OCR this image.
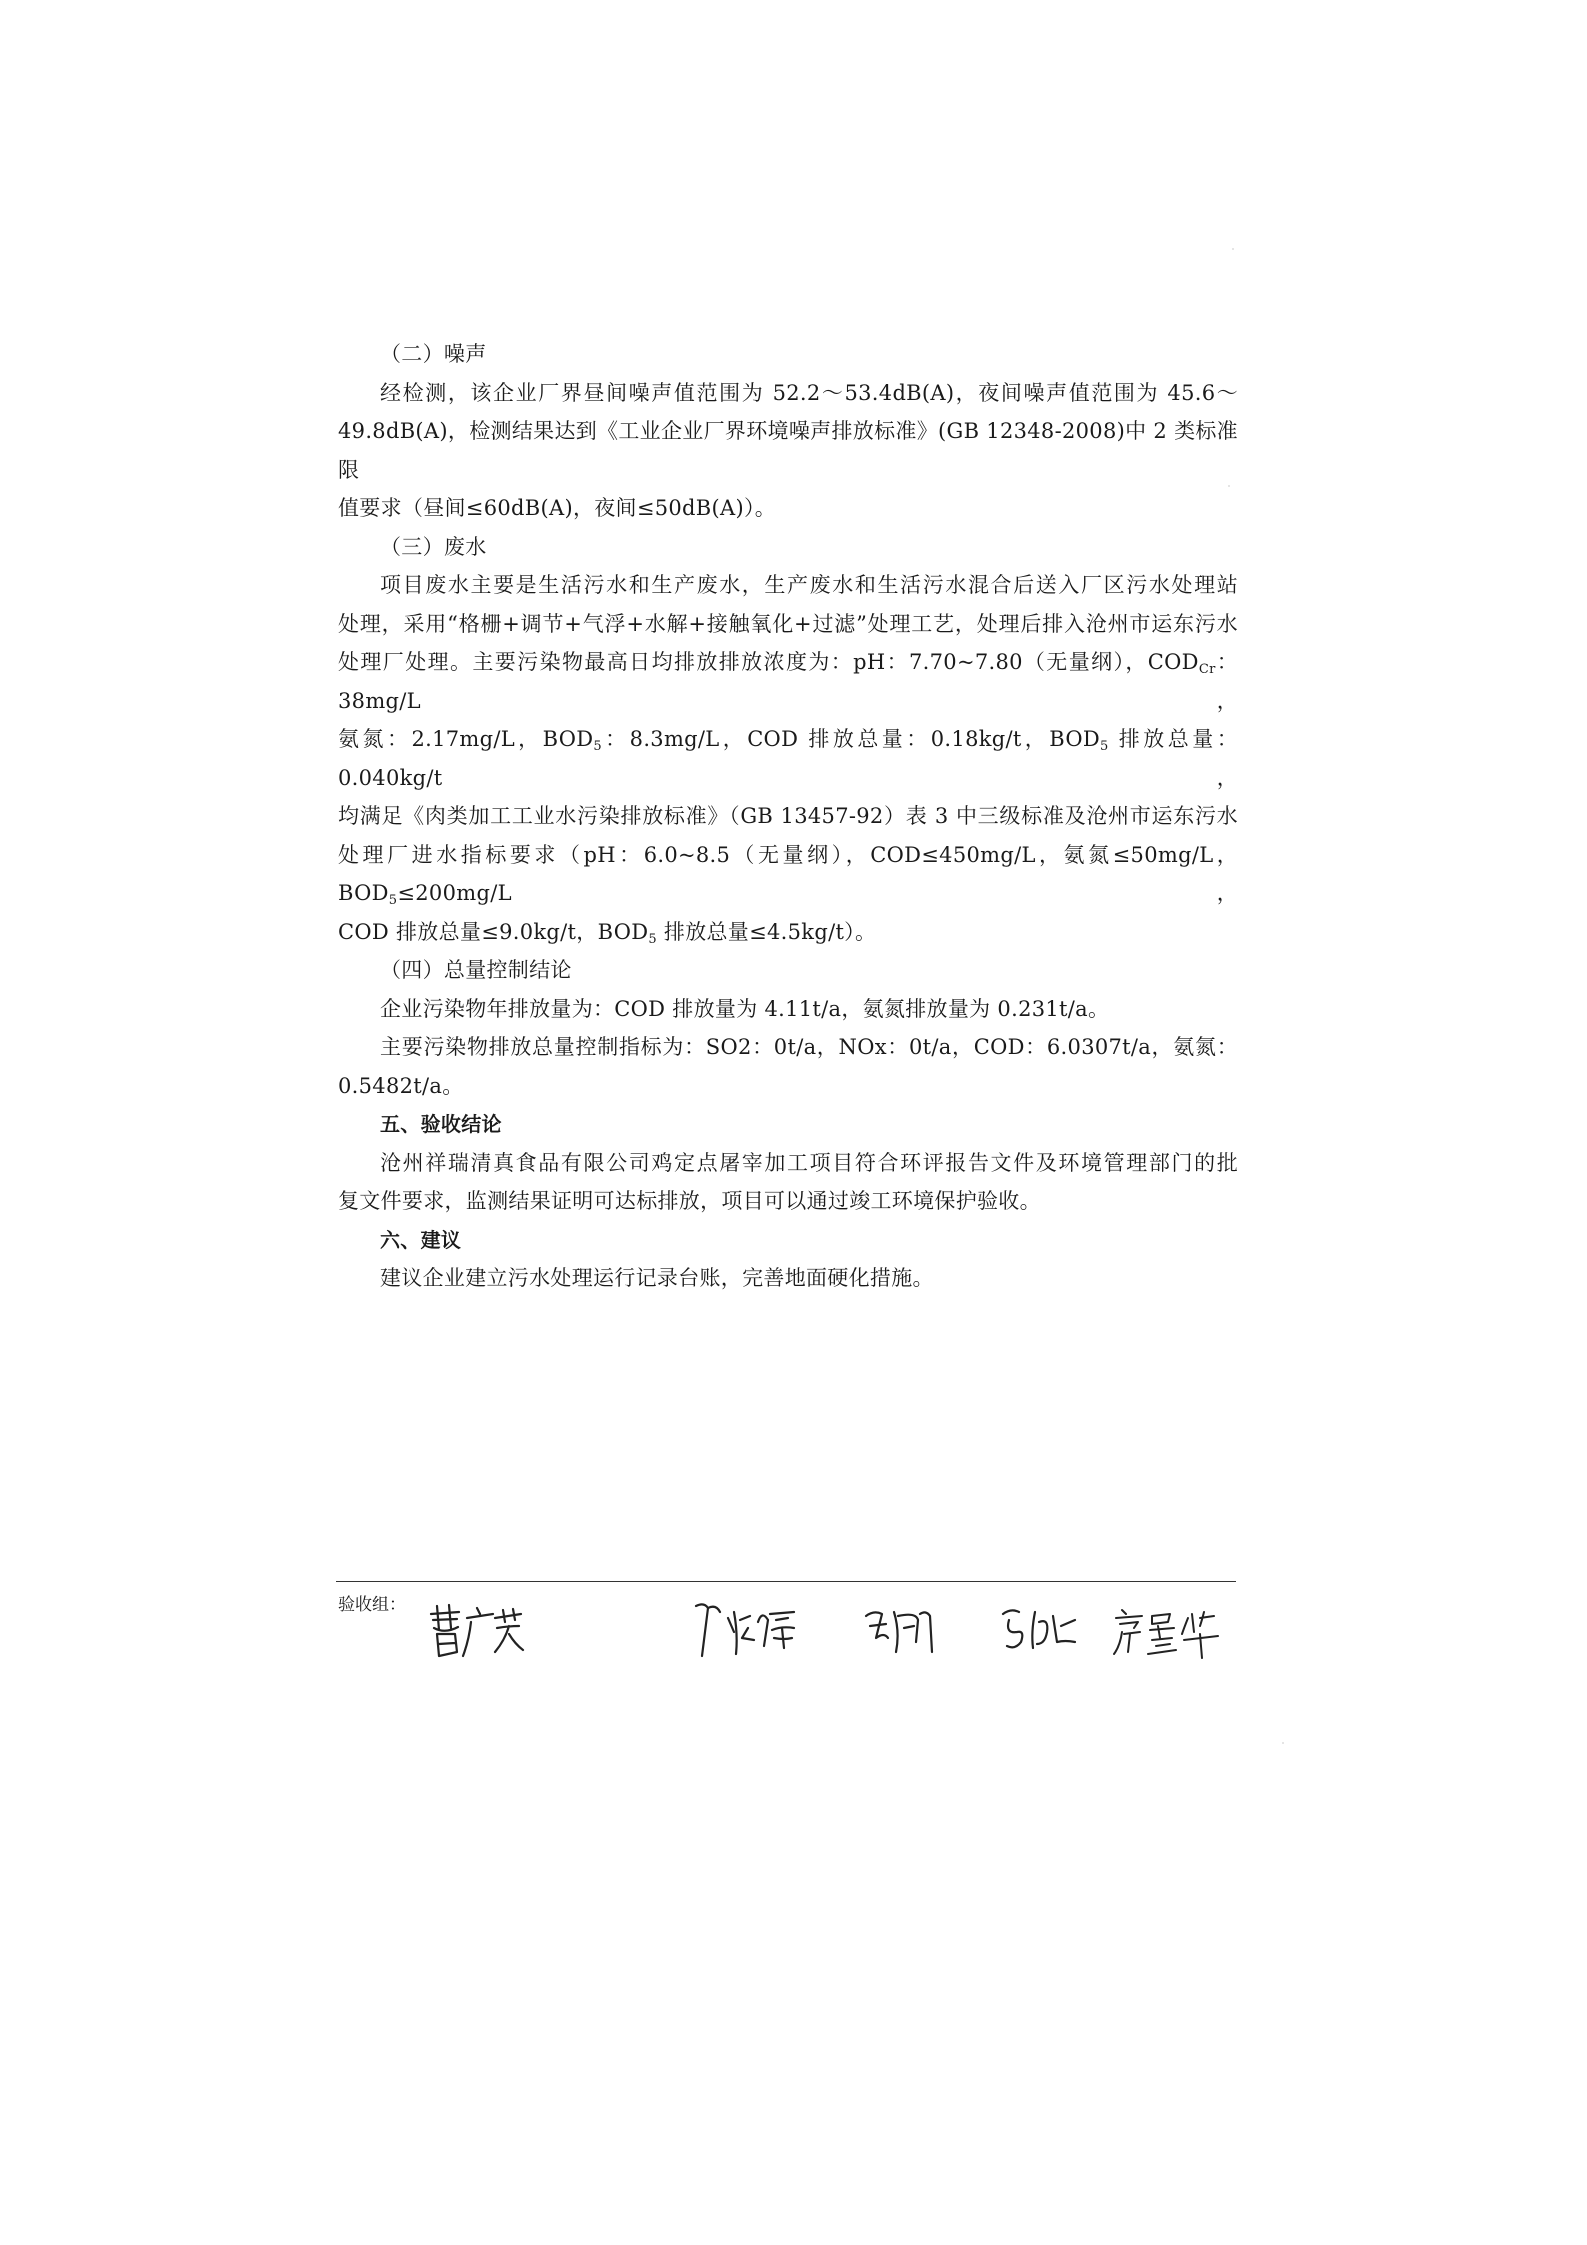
（二）噪声

经检测，该企业厂界昼间噪声值范围为 52.2～53.4dB(A)，夜间噪声值范围为 45.6～
49.8dB(A)，检测结果达到《工业企业厂界环境噪声排放标准》(GB 12348-2008)中 2 类标准限
值要求（昼间≤60dB(A)，夜间≤50dB(A)）。

（三）废水

项目废水主要是生活污水和生产废水，生产废水和生活污水混合后送入厂区污水处理站
处理，采用“格栅+调节+气浮+水解+接触氧化+过滤”处理工艺，处理后排入沧州市运东污水
处理厂处理。主要污染物最高日均排放排放浓度为：pH：7.70~7.80（无量纲），$COD_{Cr}$：38mg/L，
氨氮：2.17mg/L，$BOD_5$：8.3mg/L，COD 排放总量：0.18kg/t，$BOD_5$ 排放总量：0.040kg/t，
均满足《肉类加工工业水污染排放标准》（GB 13457-92）表 3 中三级标准及沧州市运东污水
处理厂进水指标要求（pH：6.0~8.5（无量纲），COD≤450mg/L，氨氮≤50mg/L，$BOD_5\le 200mg/L$，
COD 排放总量≤9.0kg/t，$BOD_5$ 排放总量≤4.5kg/t）。

（四）总量控制结论

企业污染物年排放量为：COD 排放量为 4.11t/a，氨氮排放量为 0.231t/a。

主要污染物排放总量控制指标为：SO2：0t/a，NOx：0t/a，COD：6.0307t/a，氨氮：0.5482t/a。

五、验收结论

沧州祥瑞清真食品有限公司鸡定点屠宰加工项目符合环评报告文件及环境管理部门的批
复文件要求，监测结果证明可达标排放，项目可以通过竣工环境保护验收。

六、建议

建议企业建立污水处理运行记录台账，完善地面硬化措施。

验收组：
